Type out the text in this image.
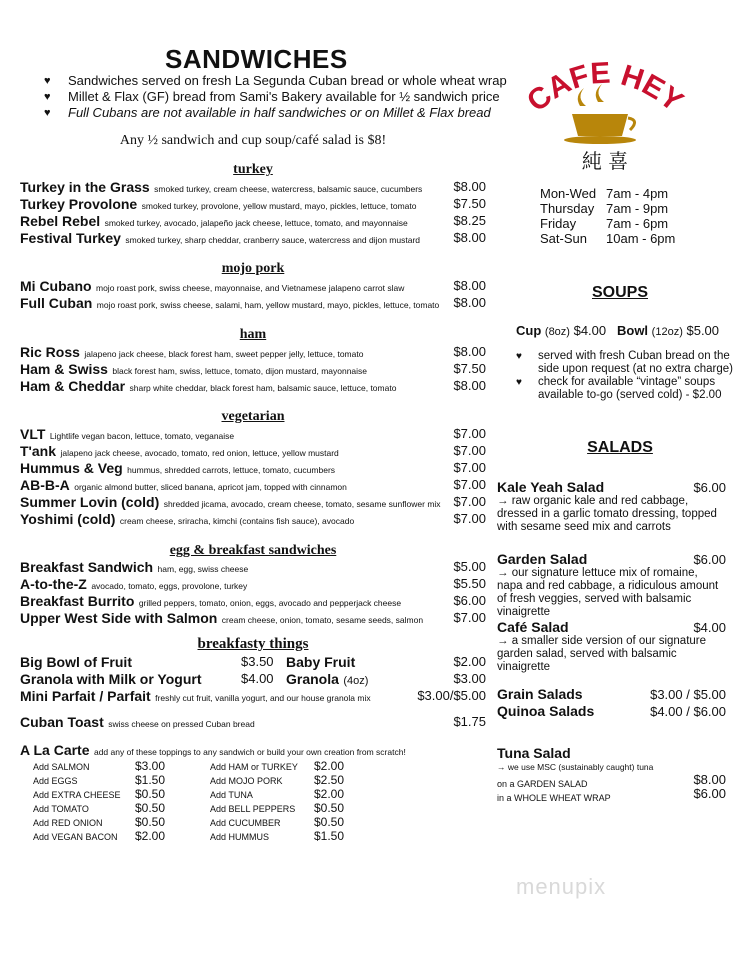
SANDWICHES
♥ Sandwiches served on fresh La Segunda Cuban bread or whole wheat wrap
♥ Millet & Flax (GF) bread from Sami's Bakery available for ½ sandwich price
♥ Full Cubans are not available in half sandwiches or on Millet & Flax bread
Any ½ sandwich and cup soup/café salad is $8!
turkey
Turkey in the Grass smoked turkey, cream cheese, watercress, balsamic sauce, cucumbers $8.00
Turkey Provolone smoked turkey, provolone, yellow mustard, mayo, pickles, lettuce, tomato	$7.50
Rebel Rebel smoked turkey, avocado, jalapeño jack cheese, lettuce, tomato, and mayonnaise	$8.25
Festival Turkey smoked turkey, sharp cheddar, cranberry sauce, watercress and dijon mustard	$8.00
mojo pork
Mi Cubano mojo roast pork, swiss cheese, mayonnaise, and Vietnamese jalapeno carrot slaw	$8.00
Full Cuban mojo roast pork, swiss cheese, salami, ham, yellow mustard, mayo, pickles, lettuce, tomato $8.00
ham
Ric Ross jalapeno jack cheese, black forest ham, sweet pepper jelly, lettuce, tomato	$8.00
Ham & Swiss black forest ham, swiss, lettuce, tomato, dijon mustard, mayonnaise	$7.50
Ham & Cheddar sharp white cheddar, black forest ham, balsamic sauce, lettuce, tomato	$8.00
vegetarian
VLT Lightlife vegan bacon, lettuce, tomato, veganaise	$7.00
T'ank jalapeno jack cheese, avocado, tomato, red onion, lettuce, yellow mustard	$7.00
Hummus & Veg hummus, shredded carrots, lettuce, tomato, cucumbers	$7.00
AB-B-A organic almond butter, sliced banana, apricot jam, topped with cinnamon	$7.00
Summer Lovin (cold) shredded jicama, avocado, cream cheese, tomato, sesame sunflower mix $7.00
Yoshimi (cold) cream cheese, sriracha, kimchi (contains fish sauce), avocado	$7.00
egg & breakfast sandwiches
Breakfast Sandwich ham, egg, swiss cheese	$5.00
A-to-the-Z avocado, tomato, eggs, provolone, turkey	$5.50
Breakfast Burrito grilled peppers, tomato, onion, eggs, avocado and pepperjack cheese	$6.00
Upper West Side with Salmon cream cheese, onion, tomato, sesame seeds, salmon $7.00
breakfasty things
Big Bowl of Fruit	$3.50 Baby Fruit	$2.00
Granola with Milk or Yogurt	$4.00 Granola (4oz)	$3.00
Mini Parfait / Parfait freshly cut fruit, vanilla yogurt, and our house granola mix	$3.00/$5.00
Cuban Toast swiss cheese on pressed Cuban bread	$1.75
A La Carte add any of these toppings to any sandwich or build your own creation from scratch!
Add SALMON	$3.00
Add EGGS	$1.50
Add EXTRA CHEESE $0.50
Add TOMATO	$0.50
Add RED ONION	$0.50
Add VEGAN BACON $2.00
Add HAM or TURKEY $2.00
Add MOJO PORK	$2.50
Add TUNA	$2.00
Add BELL PEPPERS $0.50
Add CUCUMBER	$0.50
Add HUMMUS	$1.50
CAFE HEY
純 喜
Mon-Wed 7am - 4pm
Thursday 7am - 9pm
Friday 7am - 6pm
Sat-Sun 10am - 6pm
SOUPS
Cup (8oz) $4.00 Bowl (12oz) $5.00
♥ served with fresh Cuban bread on the side upon request (at no extra charge)
♥ check for available “vintage” soups available to-go (served cold) - $2.00
SALADS
Kale Yeah Salad	$6.00
→ raw organic kale and red cabbage, dressed in a garlic tomato dressing, topped with sesame seed mix and carrots
Garden Salad	$6.00
→ our signature lettuce mix of romaine, napa and red cabbage, a ridiculous amount of fresh veggies, served with balsamic vinaigrette
Café Salad	$4.00
→ a smaller side version of our signature garden salad, served with balsamic vinaigrette
Grain Salads	$3.00 / $5.00
Quinoa Salads	$4.00 / $6.00
Tuna Salad
→ we use MSC (sustainably caught) tuna
on a GARDEN SALAD	$8.00
in a WHOLE WHEAT WRAP	$6.00
menupix
